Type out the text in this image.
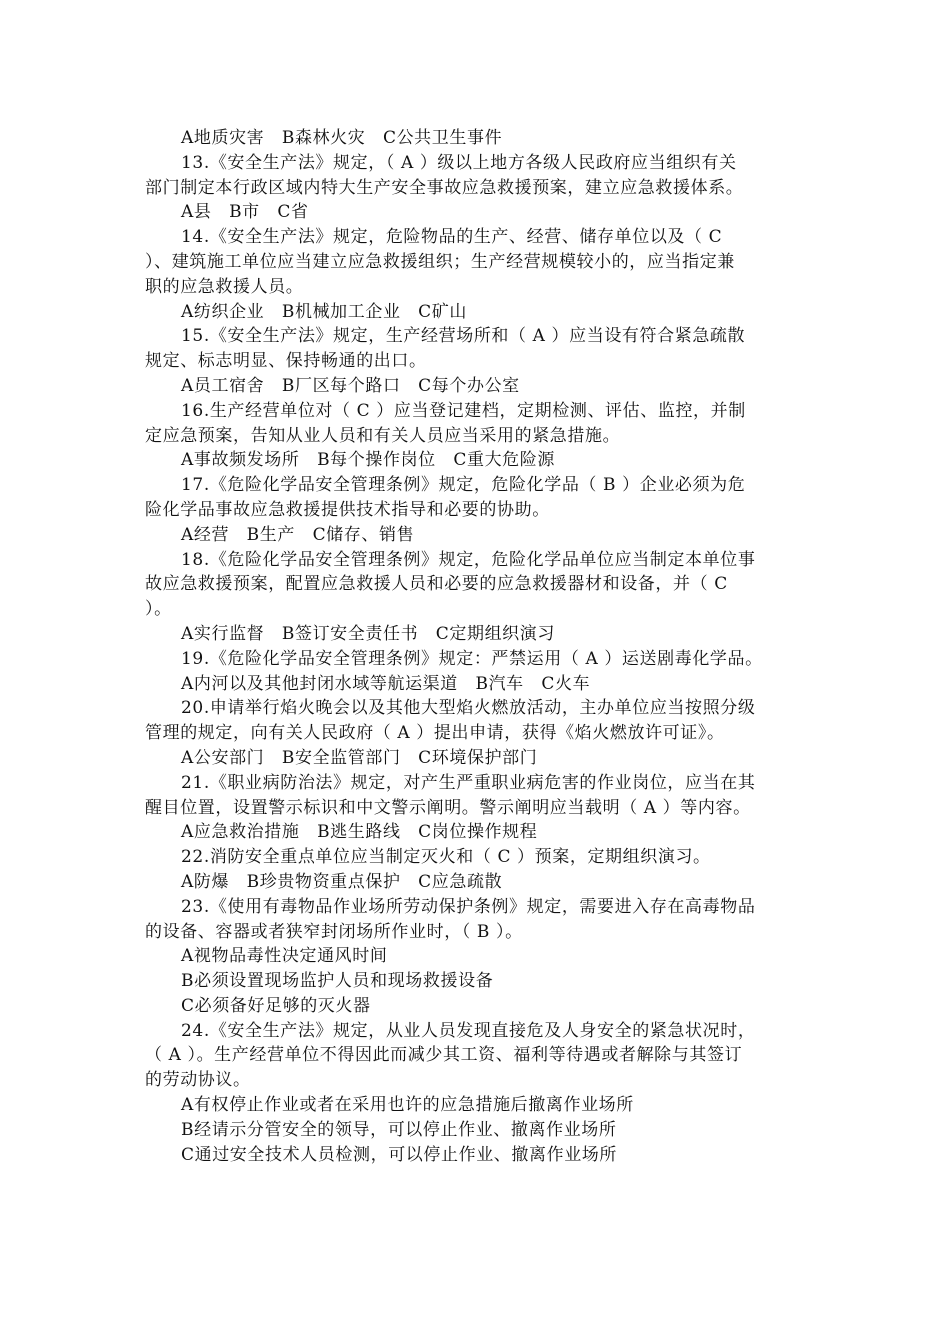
A地质灾害　B森林火灾　C公共卫生事件
13.《安全生产法》规定，（ A ）级以上地方各级人民政府应当组织有关
部门制定本行政区域内特大生产安全事故应急救援预案，建立应急救援体系。
A县　B市　C省
14.《安全生产法》规定，危险物品的生产、经营、储存单位以及（ C
）、建筑施工单位应当建立应急救援组织；生产经营规模较小的，应当指定兼
职的应急救援人员。
A纺织企业　B机械加工企业　C矿山
15.《安全生产法》规定，生产经营场所和（ A ）应当设有符合紧急疏散
规定、标志明显、保持畅通的出口。
A员工宿舍　B厂区每个路口　C每个办公室
16.生产经营单位对（ C ）应当登记建档，定期检测、评估、监控，并制
定应急预案，告知从业人员和有关人员应当采用的紧急措施。
A事故频发场所　B每个操作岗位　C重大危险源
17.《危险化学品安全管理条例》规定，危险化学品（ B ）企业必须为危
险化学品事故应急救援提供技术指导和必要的协助。
A经营　B生产　C储存、销售
18.《危险化学品安全管理条例》规定，危险化学品单位应当制定本单位事
故应急救援预案，配置应急救援人员和必要的应急救援器材和设备，并（ C
）。
A实行监督　B签订安全责任书　C定期组织演习
19.《危险化学品安全管理条例》规定：严禁运用（ A ）运送剧毒化学品。
A内河以及其他封闭水域等航运渠道　B汽车　C火车
20.申请举行焰火晚会以及其他大型焰火燃放活动，主办单位应当按照分级
管理的规定，向有关人民政府（ A ）提出申请，获得《焰火燃放许可证》。
A公安部门　B安全监管部门　C环境保护部门
21.《职业病防治法》规定，对产生严重职业病危害的作业岗位，应当在其
醒目位置，设置警示标识和中文警示阐明。警示阐明应当载明（ A ）等内容。
A应急救治措施　B逃生路线　C岗位操作规程
22.消防安全重点单位应当制定灭火和（ C ）预案，定期组织演习。
A防爆　B珍贵物资重点保护　C应急疏散
23.《使用有毒物品作业场所劳动保护条例》规定，需要进入存在高毒物品
的设备、容器或者狭窄封闭场所作业时，（ B ）。
A视物品毒性决定通风时间
B必须设置现场监护人员和现场救援设备
C必须备好足够的灭火器
24.《安全生产法》规定，从业人员发现直接危及人身安全的紧急状况时，
（ A ）。生产经营单位不得因此而减少其工资、福利等待遇或者解除与其签订
的劳动协议。
A有权停止作业或者在采用也许的应急措施后撤离作业场所
B经请示分管安全的领导，可以停止作业、撤离作业场所
C通过安全技术人员检测，可以停止作业、撤离作业场所
